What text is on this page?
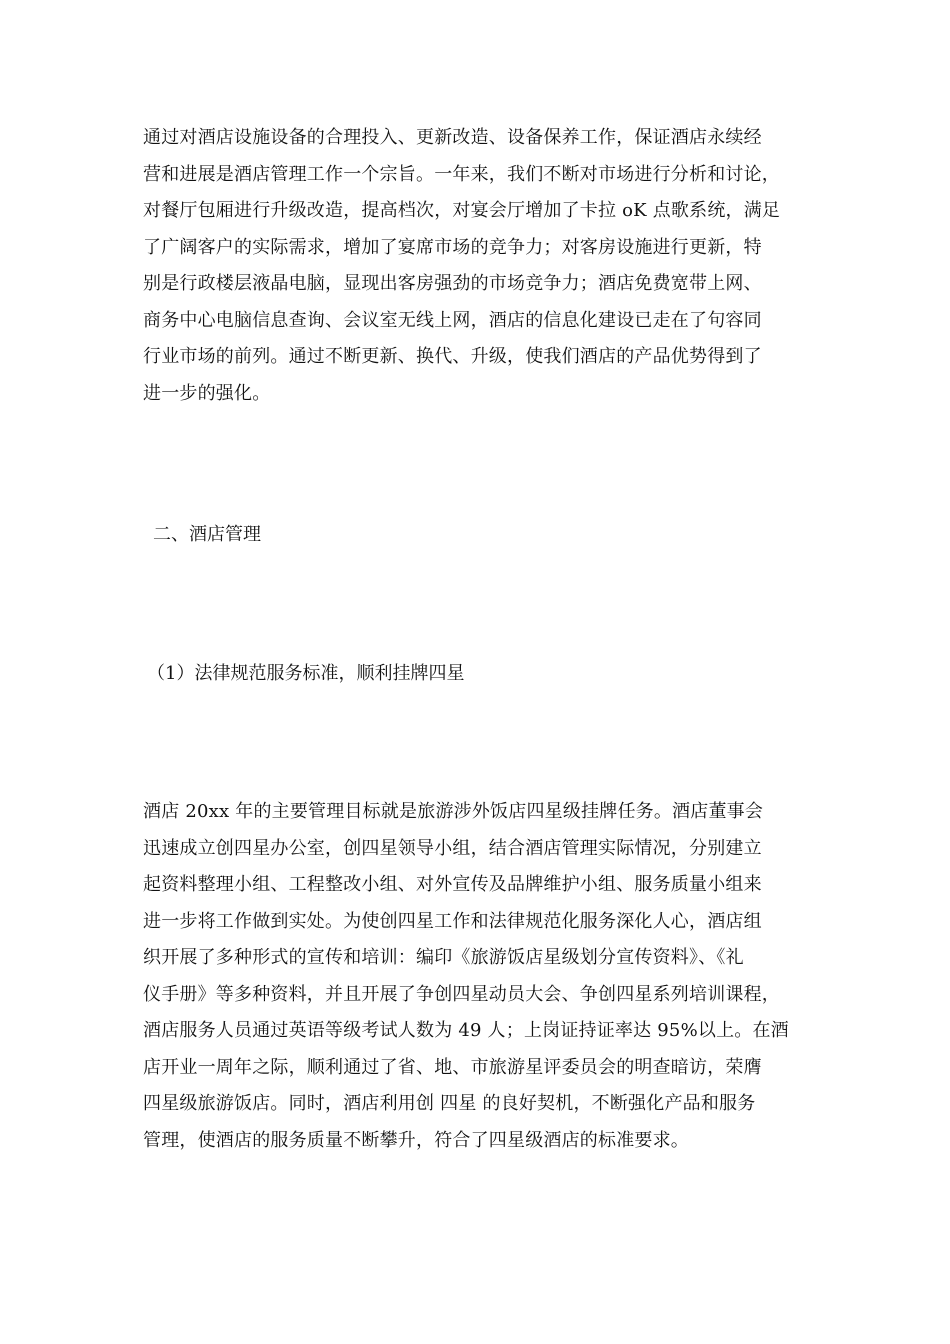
通过对酒店设施设备的合理投入、更新改造、设备保养工作，保证酒店永续经
营和进展是酒店管理工作一个宗旨。一年来，我们不断对市场进行分析和讨论，
对餐厅包厢进行升级改造，提高档次，对宴会厅增加了卡拉 oK 点歌系统，满足
了广阔客户的实际需求，增加了宴席市场的竞争力；对客房设施进行更新，特
别是行政楼层液晶电脑，显现出客房强劲的市场竞争力；酒店免费宽带上网、
商务中心电脑信息查询、会议室无线上网，酒店的信息化建设已走在了句容同
行业市场的前列。通过不断更新、换代、升级，使我们酒店的产品优势得到了
进一步的强化。
二、酒店管理
（1）法律规范服务标准，顺利挂牌四星
酒店 20xx 年的主要管理目标就是旅游涉外饭店四星级挂牌任务。酒店董事会
迅速成立创四星办公室，创四星领导小组，结合酒店管理实际情况，分别建立
起资料整理小组、工程整改小组、对外宣传及品牌维护小组、服务质量小组来
进一步将工作做到实处。为使创四星工作和法律规范化服务深化人心，酒店组
织开展了多种形式的宣传和培训：编印《旅游饭店星级划分宣传资料》、《礼
仪手册》等多种资料，并且开展了争创四星动员大会、争创四星系列培训课程，
酒店服务人员通过英语等级考试人数为 49 人；上岗证持证率达 95%以上。在酒
店开业一周年之际，顺利通过了省、地、市旅游星评委员会的明查暗访，荣膺
四星级旅游饭店。同时，酒店利用创 四星 的良好契机，不断强化产品和服务
管理，使酒店的服务质量不断攀升，符合了四星级酒店的标准要求。
